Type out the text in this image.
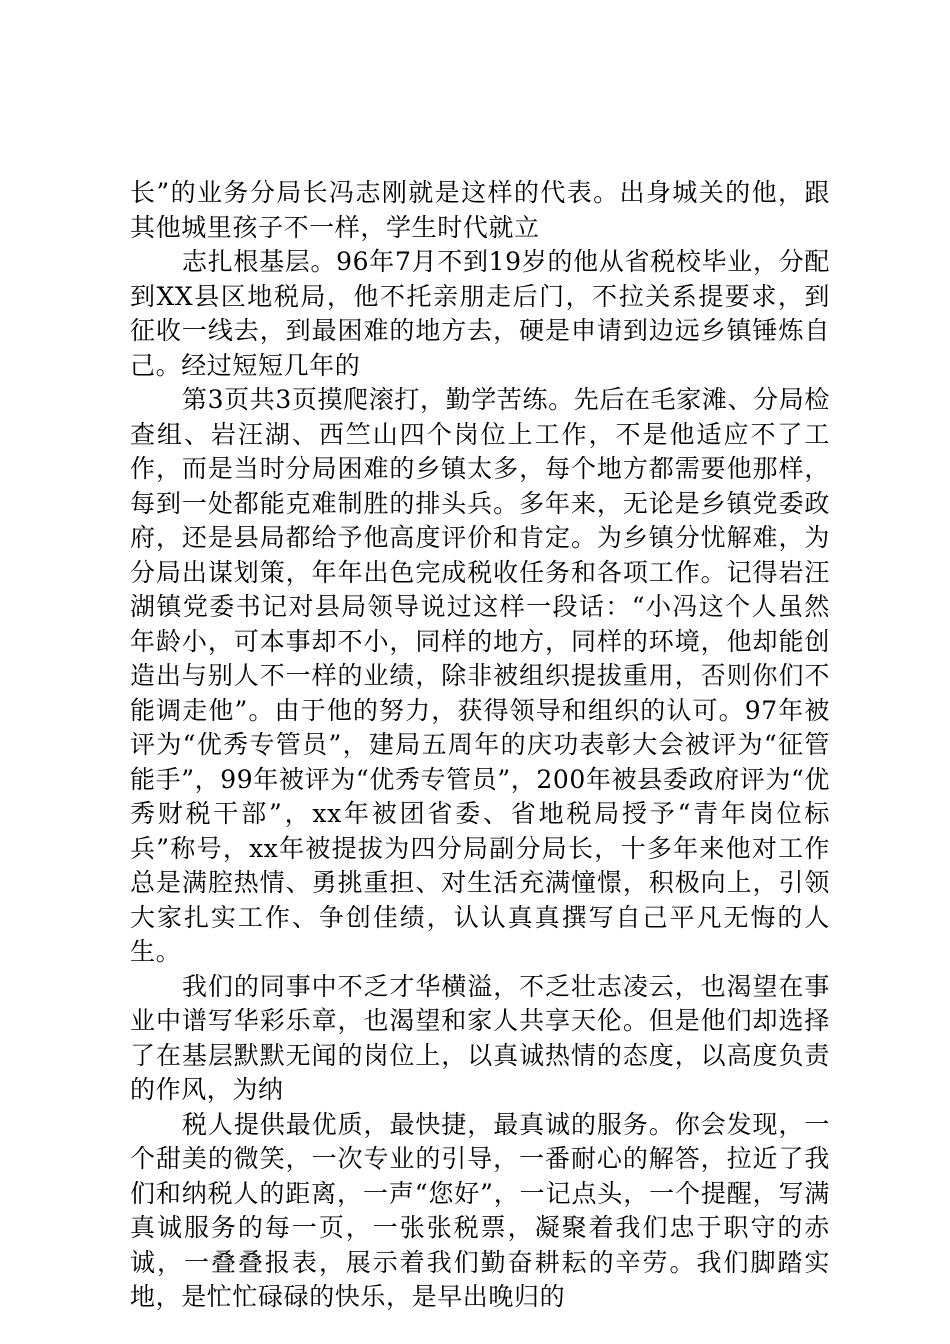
长”的业务分局长冯志刚就是这样的代表。出身城关的他，跟其他城里孩子不一样，学生时代就立

志扎根基层。96年7月不到19岁的他从省税校毕业，分配到XX县区地税局，他不托亲朋走后门，不拉关系提要求，到征收一线去，到最困难的地方去，硬是申请到边远乡镇锤炼自己。经过短短几年的

第3页共3页摸爬滚打，勤学苦练。先后在毛家滩、分局检查组、岩汪湖、西竺山四个岗位上工作，不是他适应不了工作，而是当时分局困难的乡镇太多，每个地方都需要他那样，每到一处都能克难制胜的排头兵。多年来，无论是乡镇党委政府，还是县局都给予他高度评价和肯定。为乡镇分忧解难，为分局出谋划策，年年出色完成税收任务和各项工作。记得岩汪湖镇党委书记对县局领导说过这样一段话：“小冯这个人虽然年龄小，可本事却不小，同样的地方，同样的环境，他却能创造出与别人不一样的业绩，除非被组织提拔重用，否则你们不能调走他”。由于他的努力，获得领导和组织的认可。97年被评为“优秀专管员”，建局五周年的庆功表彰大会被评为“征管能手”，99年被评为“优秀专管员”，200年被县委政府评为“优秀财税干部”，xx年被团省委、省地税局授予“青年岗位标兵”称号，xx年被提拔为四分局副分局长，十多年来他对工作总是满腔热情、勇挑重担、对生活充满憧憬，积极向上，引领大家扎实工作、争创佳绩，认认真真撰写自己平凡无悔的人生。

我们的同事中不乏才华横溢，不乏壮志凌云，也渴望在事业中谱写华彩乐章，也渴望和家人共享天伦。但是他们却选择了在基层默默无闻的岗位上，以真诚热情的态度，以高度负责的作风，为纳

税人提供最优质，最快捷，最真诚的服务。你会发现，一个甜美的微笑，一次专业的引导，一番耐心的解答，拉近了我们和纳税人的距离，一声“您好”，一记点头，一个提醒，写满真诚服务的每一页，一张张税票，凝聚着我们忠于职守的赤诚，一叠叠报表，展示着我们勤奋耕耘的辛劳。我们脚踏实地，是忙忙碌碌的快乐，是早出晚归的
